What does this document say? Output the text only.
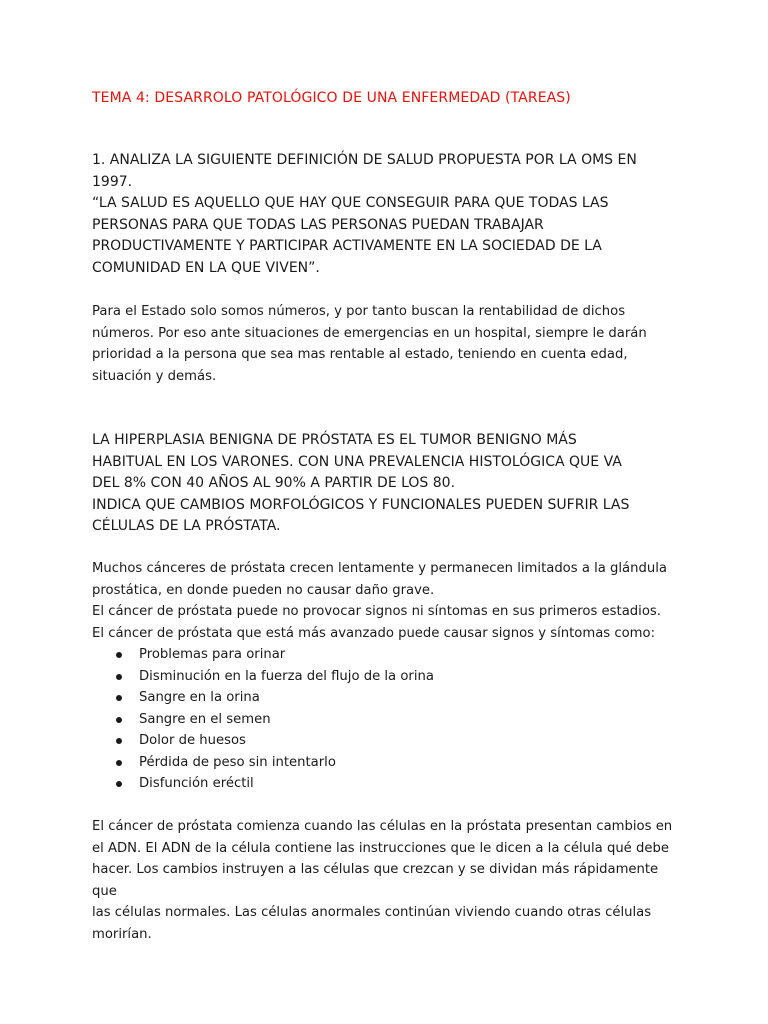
TEMA 4: DESARROLO PATOLÓGICO DE UNA ENFERMEDAD (TAREAS)

1. ANALIZA LA SIGUIENTE DEFINICIÓN DE SALUD PROPUESTA POR LA OMS EN

1997.

“LA SALUD ES AQUELLO QUE HAY QUE CONSEGUIR PARA QUE TODAS LAS

PERSONAS PARA QUE TODAS LAS PERSONAS PUEDAN TRABAJAR

PRODUCTIVAMENTE Y PARTICIPAR ACTIVAMENTE EN LA SOCIEDAD DE LA

COMUNIDAD EN LA QUE VIVEN”.

Para el Estado solo somos números, y por tanto buscan la rentabilidad de dichos

números. Por eso ante situaciones de emergencias en un hospital, siempre le darán

prioridad a la persona que sea mas rentable al estado, teniendo en cuenta edad,

situación y demás.

LA HIPERPLASIA BENIGNA DE PRÓSTATA ES EL TUMOR BENIGNO MÁS

HABITUAL EN LOS VARONES. CON UNA PREVALENCIA HISTOLÓGICA QUE VA

DEL 8% CON 40 AÑOS AL 90% A PARTIR DE LOS 80.

INDICA QUE CAMBIOS MORFOLÓGICOS Y FUNCIONALES PUEDEN SUFRIR LAS

CÉLULAS DE LA PRÓSTATA.

Muchos cánceres de próstata crecen lentamente y permanecen limitados a la glándula

prostática, en donde pueden no causar daño grave.

El cáncer de próstata puede no provocar signos ni síntomas en sus primeros estadios.

El cáncer de próstata que está más avanzado puede causar signos y síntomas como:

Problemas para orinar
Disminución en la fuerza del flujo de la orina
Sangre en la orina
Sangre en el semen
Dolor de huesos
Pérdida de peso sin intentarlo
Disfunción eréctil

El cáncer de próstata comienza cuando las células en la próstata presentan cambios en

el ADN. El ADN de la célula contiene las instrucciones que le dicen a la célula qué debe

hacer. Los cambios instruyen a las células que crezcan y se dividan más rápidamente que

las células normales. Las células anormales continúan viviendo cuando otras células

morirían.
